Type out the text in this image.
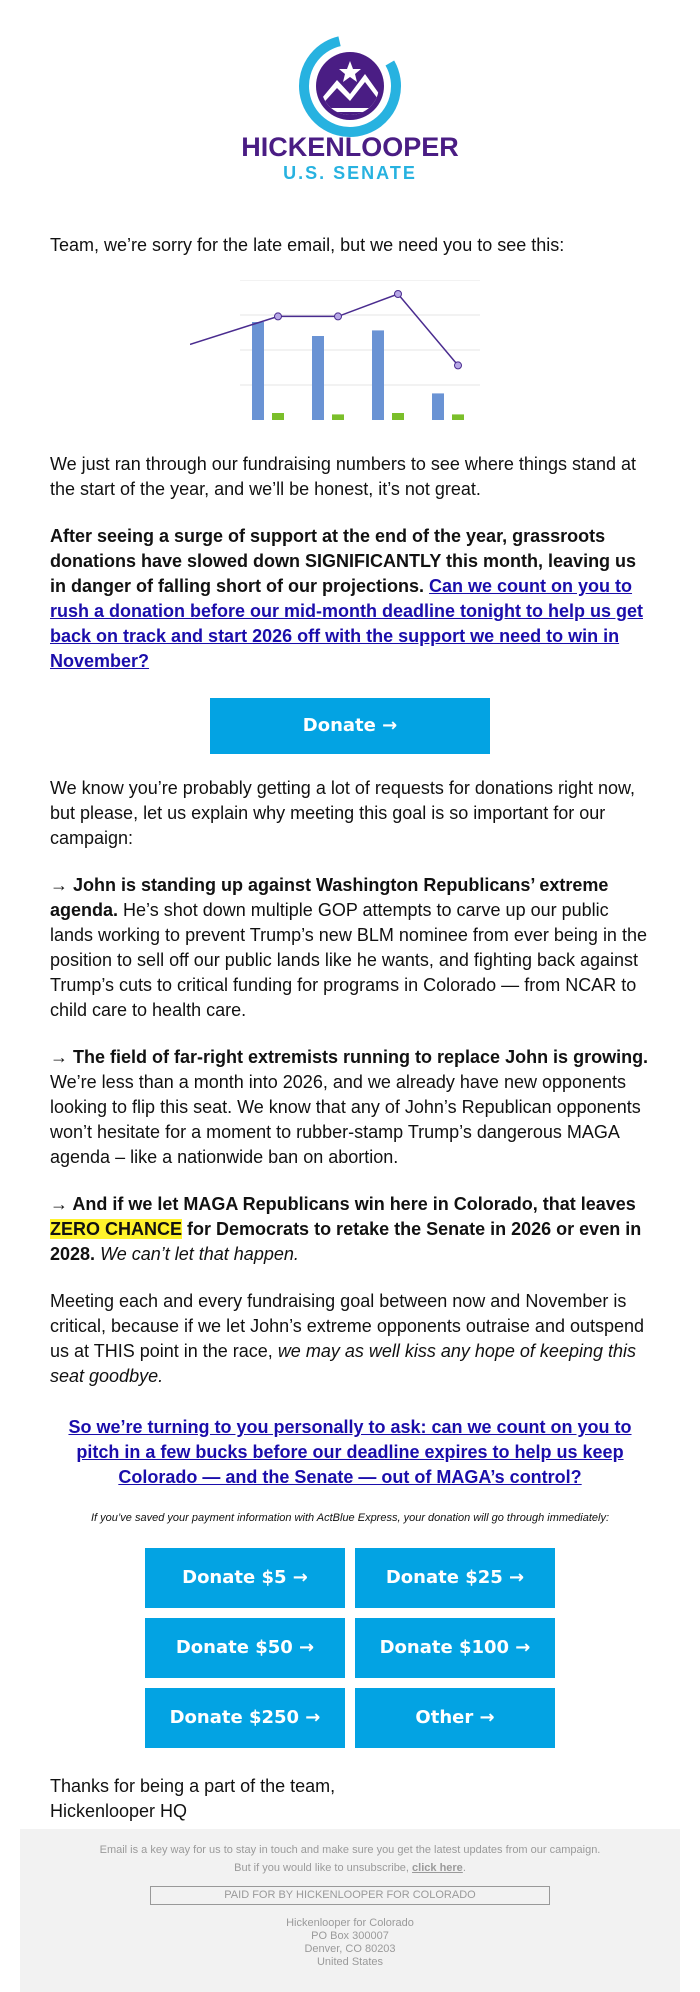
HICKENLOOPER
U.S. SENATE

Team, we’re sorry for the late email, but we need you to see this:

We just ran through our fundraising numbers to see where things stand at the start of the year, and we’ll be honest, it’s not great.

After seeing a surge of support at the end of the year, grassroots donations have slowed down SIGNIFICANTLY this month, leaving us in danger of falling short of our projections. Can we count on you to rush a donation before our mid-month deadline tonight to help us get back on track and start 2026 off with the support we need to win in November?

Donate →

We know you’re probably getting a lot of requests for donations right now, but please, let us explain why meeting this goal is so important for our campaign:

→ John is standing up against Washington Republicans’ extreme agenda. He’s shot down multiple GOP attempts to carve up our public lands working to prevent Trump’s new BLM nominee from ever being in the position to sell off our public lands like he wants, and fighting back against Trump’s cuts to critical funding for programs in Colorado — from NCAR to child care to health care.

→ The field of far-right extremists running to replace John is growing. We’re less than a month into 2026, and we already have new opponents looking to flip this seat. We know that any of John’s Republican opponents won’t hesitate for a moment to rubber-stamp Trump’s dangerous MAGA agenda – like a nationwide ban on abortion.

→ And if we let MAGA Republicans win here in Colorado, that leaves ZERO CHANCE for Democrats to retake the Senate in 2026 or even in 2028. We can’t let that happen.

Meeting each and every fundraising goal between now and November is critical, because if we let John’s extreme opponents outraise and outspend us at THIS point in the race, we may as well kiss any hope of keeping this seat goodbye.

So we’re turning to you personally to ask: can we count on you to pitch in a few bucks before our deadline expires to help us keep Colorado — and the Senate — out of MAGA’s control?
If you’ve saved your payment information with ActBlue Express, your donation will go through immediately:
Donate $5 →	Donate $25 →
Donate $50 →	Donate $100 →
Donate $250 →	Other →

Thanks for being a part of the team,

Hickenlooper HQ

Email is a key way for us to stay in touch and make sure you get the latest updates from our campaign.
But if you would like to unsubscribe, click here.
PAID FOR BY HICKENLOOPER FOR COLORADO
Hickenlooper for Colorado
PO Box 300007
Denver, CO 80203
United States
